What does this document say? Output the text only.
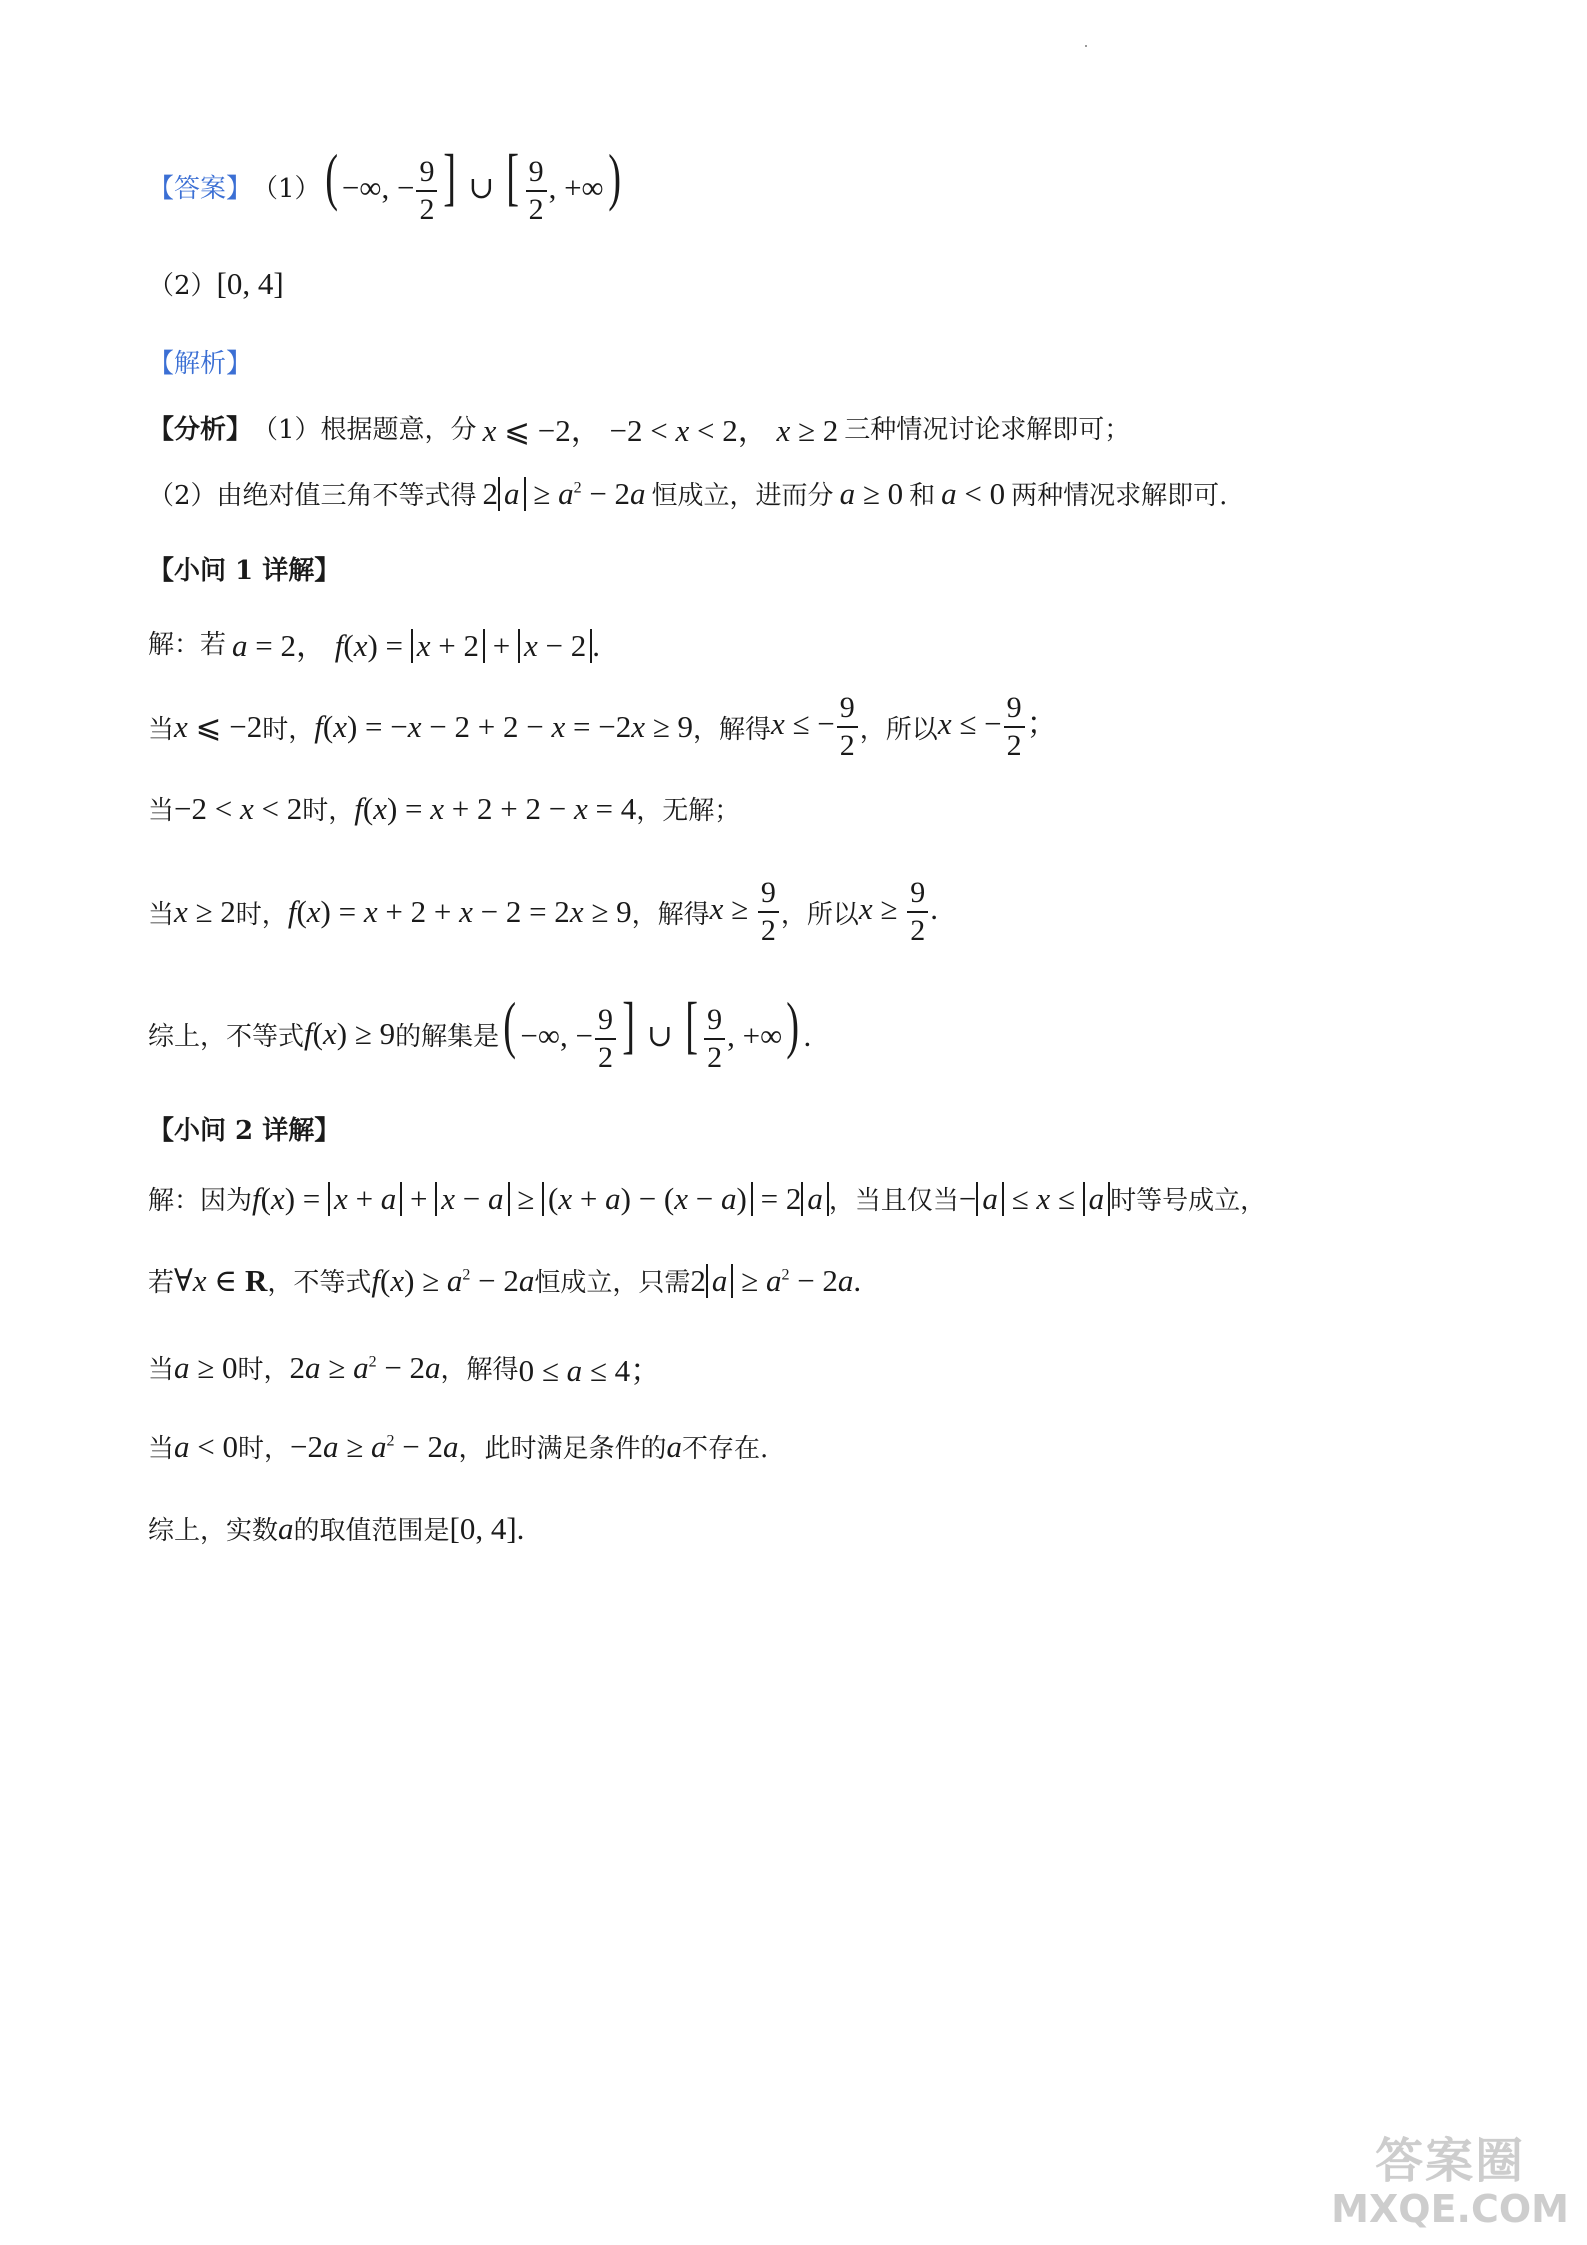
【答案】 （1） ( −∞, − $\frac{9}{2}$ ] ∪ [ $\frac{9}{2}$ , +∞)
（2） [0, 4]
【解析】
【分析】 （1）根据题意，分 x ⩽ −2， −2 < x < 2， x ≥ 2 三种情况讨论求解即可；
（2）由绝对值三角不等式得 2 $a \ge a^2 - 2a$ 恒成立，进而分 a ≥ 0 和 a < 0 两种情况求解即可.
【小问 1 详解】
解：若 a = 2， f(x) = x + 2 + x − 2 .
当 x ⩽ −2 时， f(x) = −x − 2 + 2 − x = −2x ≥ 9 ，解得 x ≤ − $\frac{9}{2}$ ，所以 x ≤ − $\frac{9}{2}$ ；
当 −2 < x < 2 时， f(x) = x + 2 + 2 − x = 4 ，无解；
当 x ≥ 2 时， f(x) = x + 2 + x − 2 = 2x ≥ 9 ，解得 $x \ge \frac{9}{2}$ ，所以 $x \ge \frac{9}{2}$ .
综上，不等式 f(x) ≥ 9 的解集是 ( −∞, − $\frac{9}{2}$ ] ∪ [ $\frac{9}{2}$ , +∞) .
【小问 2 详解】
解：因为 f(x) = x + a + x − a ≥ (x + a) − (x − a) = 2 a ，当且仅当 − a ≤ x ≤ a 时等号成立，
若 ∀x ∈ R ，不等式 $f(x) \ge a^2 - 2a$ 恒成立，只需 2 $a \ge a^2 - 2a$.
当 a ≥ 0 时， $2a \ge a^2 - 2a$ ，解得 0 ≤ a ≤ 4；
当 a < 0 时， $-2a \ge a^2 - 2a$ ，此时满足条件的 a 不存在.
综上，实数 a 的取值范围是 [0, 4].
答案圈
MXQE.COM
